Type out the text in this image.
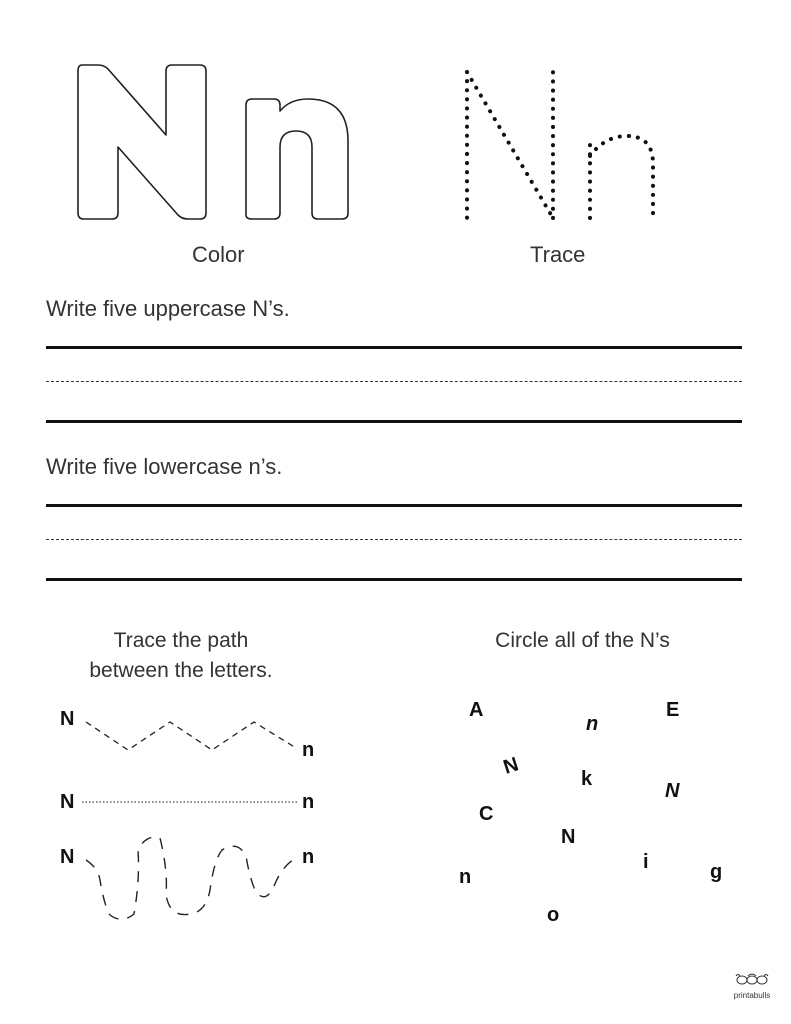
Color	Trace
Write five uppercase N’s.
Write five lowercase n’s.
Trace the path
between the letters.
N
n
N	n
N	n
Circle all of the N’s
A
n
E
N
k
N
C
N
n
i	g
o
printabulls
